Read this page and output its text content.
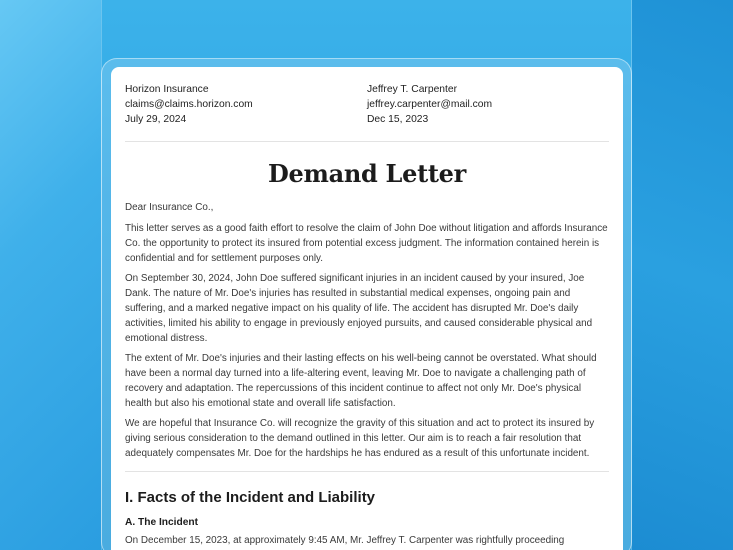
Horizon Insurance
claims@claims.horizon.com
July 29, 2024
Jeffrey T. Carpenter
jeffrey.carpenter@mail.com
Dec 15, 2023
Demand Letter

Dear Insurance Co.,

This letter serves as a good faith effort to resolve the claim of John Doe without litigation and affords Insurance Co. the opportunity to protect its insured from potential excess judgment. The information contained herein is confidential and for settlement purposes only.

On September 30, 2024, John Doe suffered significant injuries in an incident caused by your insured, Joe Dank. The nature of Mr. Doe's injuries has resulted in substantial medical expenses, ongoing pain and suffering, and a marked negative impact on his quality of life. The accident has disrupted Mr. Doe's daily activities, limited his ability to engage in previously enjoyed pursuits, and caused considerable physical and emotional distress.

The extent of Mr. Doe's injuries and their lasting effects on his well-being cannot be overstated. What should have been a normal day turned into a life-altering event, leaving Mr. Doe to navigate a challenging path of recovery and adaptation. The repercussions of this incident continue to affect not only Mr. Doe's physical health but also his emotional state and overall life satisfaction.

We are hopeful that Insurance Co. will recognize the gravity of this situation and act to protect its insured by giving serious consideration to the demand outlined in this letter. Our aim is to reach a fair resolution that adequately compensates Mr. Doe for the hardships he has endured as a result of this unfortunate incident.

I. Facts of the Incident and Liability
A. The Incident

On December 15, 2023, at approximately 9:45 AM, Mr. Jeffrey T. Carpenter was rightfully proceeding
